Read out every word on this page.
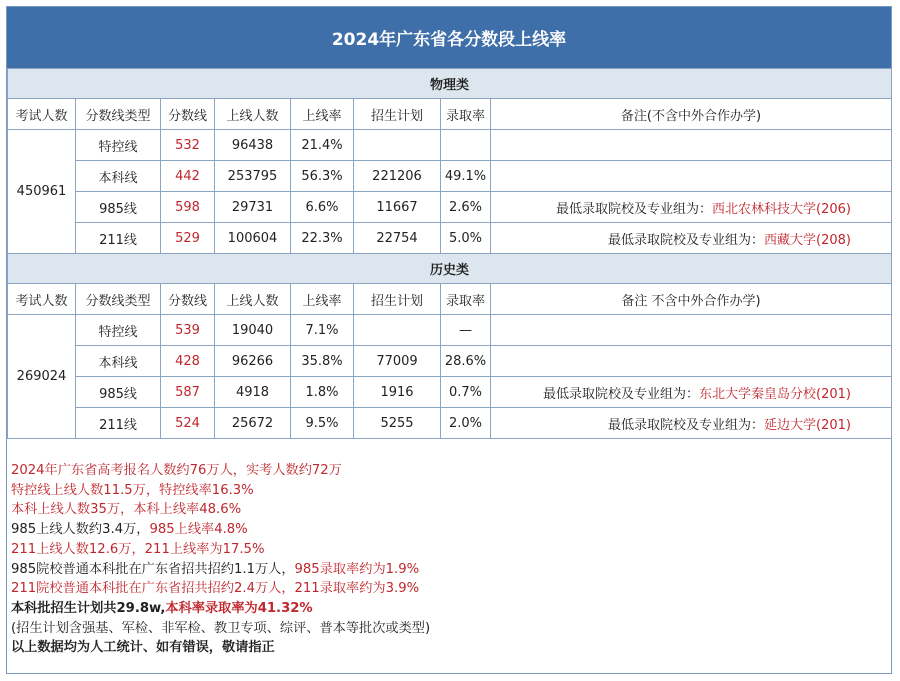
2024年广东省各分数段上线率
物理类							
考试人数	分数线类型	分数线	上线人数	上线率	招生计划	录取率	备注(不含中外合作办学)
450961	特控线	532	96438	21.4%			
	本科线	442	253795	56.3%	221206	49.1%	
	985线	598	29731	6.6%	11667	2.6%	最低录取院校及专业组为：西北农林科技大学(206)
	211线	529	100604	22.3%	22754	5.0%	最低录取院校及专业组为：西藏大学(208)
历史类							
考试人数	分数线类型	分数线	上线人数	上线率	招生计划	录取率	备注 不含中外合作办学)
269024	特控线	539	19040	7.1%		—	
	本科线	428	96266	35.8%	77009	28.6%	
	985线	587	4918	1.8%	1916	0.7%	最低录取院校及专业组为：东北大学秦皇岛分校(201)
	211线	524	25672	9.5%	5255	2.0%	最低录取院校及专业组为：延边大学(201)
2024年广东省高考报名人数约76万人，实考人数约72万
特控线上线人数11.5万，特控线率16.3%
本科上线人数35万，本科上线率48.6%
985上线人数约3.4万，985上线率4.8%
211上线人数12.6万，211上线率为17.5%
985院校普通本科批在广东省招共招约1.1万人，985录取率约为1.9%
211院校普通本科批在广东省招共招约2.4万人，211录取率约为3.9%
本科批招生计划共29.8w,本科率录取率为41.32%
(招生计划含强基、军检、非军检、教卫专项、综评、普本等批次或类型)
以上数据均为人工统计、如有错误，敬请指正
